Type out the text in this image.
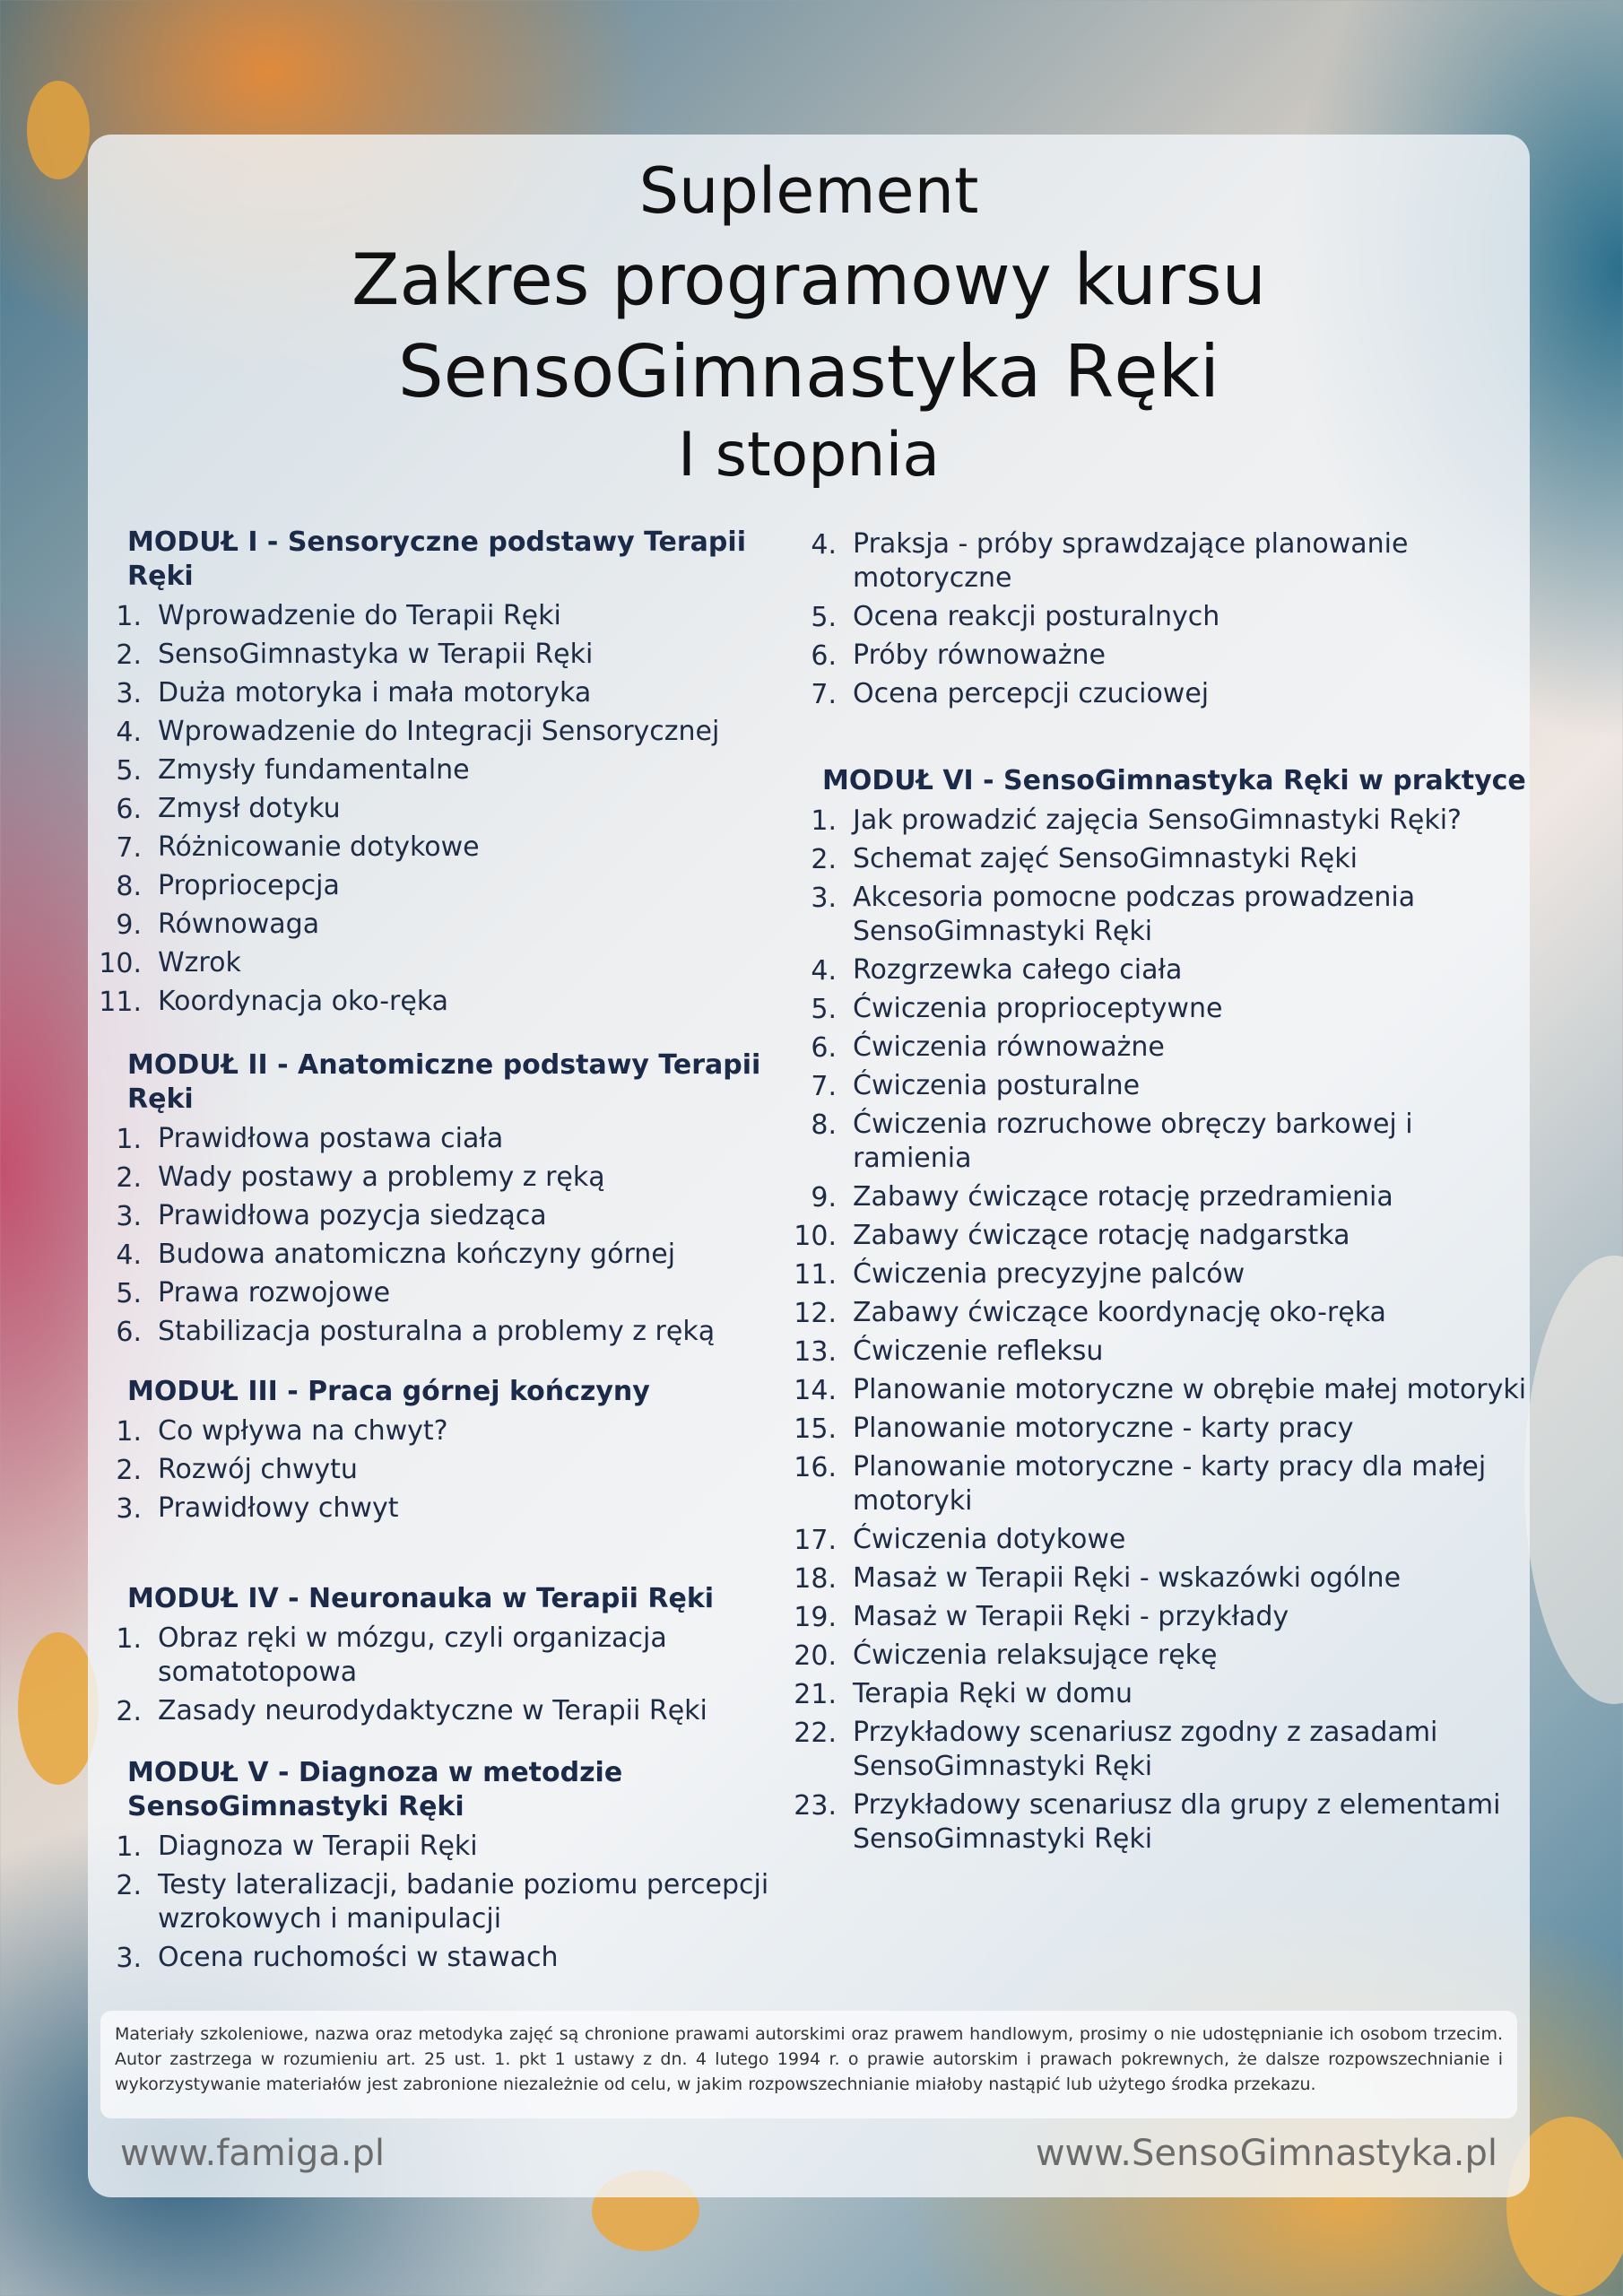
Suplement
Zakres programowy kursu
SensoGimnastyka Ręki
I stopnia
MODUŁ I - Sensoryczne podstawy Terapii Ręki
1. Wprowadzenie do Terapii Ręki
2. SensoGimnastyka w Terapii Ręki
3. Duża motoryka i mała motoryka
4. Wprowadzenie do Integracji Sensorycznej
5. Zmysły fundamentalne
6. Zmysł dotyku
7. Różnicowanie dotykowe
8. Propriocepcja
9. Równowaga
10. Wzrok
11. Koordynacja oko-ręka
MODUŁ II - Anatomiczne podstawy Terapii Ręki
1. Prawidłowa postawa ciała
2. Wady postawy a problemy z ręką
3. Prawidłowa pozycja siedząca
4. Budowa anatomiczna kończyny górnej
5. Prawa rozwojowe
6. Stabilizacja posturalna a problemy z ręką
MODUŁ III - Praca górnej kończyny
1. Co wpływa na chwyt?
2. Rozwój chwytu
3. Prawidłowy chwyt
MODUŁ IV - Neuronauka w Terapii Ręki
1. Obraz ręki w mózgu, czyli organizacja somatotopowa
2. Zasady neurodydaktyczne w Terapii Ręki
MODUŁ V - Diagnoza w metodzie SensoGimnastyki Ręki
1. Diagnoza w Terapii Ręki
2. Testy lateralizacji, badanie poziomu percepcji wzrokowych i manipulacji
3. Ocena ruchomości w stawach
4. Praksja - próby sprawdzające planowanie motoryczne
5. Ocena reakcji posturalnych
6. Próby równoważne
7. Ocena percepcji czuciowej
MODUŁ VI - SensoGimnastyka Ręki w praktyce
1. Jak prowadzić zajęcia SensoGimnastyki Ręki?
2. Schemat zajęć SensoGimnastyki Ręki
3. Akcesoria pomocne podczas prowadzenia SensoGimnastyki Ręki
4. Rozgrzewka całego ciała
5. Ćwiczenia proprioceptywne
6. Ćwiczenia równoważne
7. Ćwiczenia posturalne
8. Ćwiczenia rozruchowe obręczy barkowej i ramienia
9. Zabawy ćwiczące rotację przedramienia
10. Zabawy ćwiczące rotację nadgarstka
11. Ćwiczenia precyzyjne palców
12. Zabawy ćwiczące koordynację oko-ręka
13. Ćwiczenie refleksu
14. Planowanie motoryczne w obrębie małej motoryki
15. Planowanie motoryczne - karty pracy
16. Planowanie motoryczne - karty pracy dla małej motoryki
17. Ćwiczenia dotykowe
18. Masaż w Terapii Ręki - wskazówki ogólne
19. Masaż w Terapii Ręki - przykłady
20. Ćwiczenia relaksujące rękę
21. Terapia Ręki w domu
22. Przykładowy scenariusz zgodny z zasadami SensoGimnastyki Ręki
23. Przykładowy scenariusz dla grupy z elementami SensoGimnastyki Ręki
Materiały szkoleniowe, nazwa oraz metodyka zajęć są chronione prawami autorskimi oraz prawem handlowym, prosimy o nie udostępnianie ich osobom trzecim. Autor zastrzega w rozumieniu art. 25 ust. 1. pkt 1 ustawy z dn. 4 lutego 1994 r. o prawie autorskim i prawach pokrewnych, że dalsze rozpowszechnianie i wykorzystywanie materiałów jest zabronione niezależnie od celu, w jakim rozpowszechnianie miałoby nastąpić lub użytego środka przekazu.
www.famiga.pl	www.SensoGimnastyka.pl
